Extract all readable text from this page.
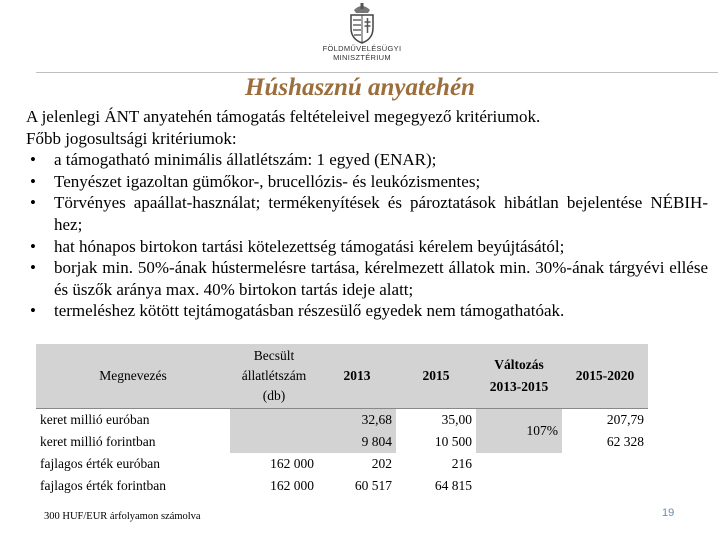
FÖLDMŰVELÉSÜGYI
MINISZTÉRIUM
Húshasznú anyatehén

A jelenlegi ÁNT anyatehén támogatás feltételeivel megegyező kritériumok.

Főbb jogosultsági kritériumok:

• a támogatható minimális állatlétszám: 1 egyed (ENAR);
• Tenyészet igazoltan gümőkor-, brucellózis- és leukózismentes;
• Törvényes apaállat-használat; termékenyítések és pároztatások hibátlan bejelentése NÉBIH-hez;
• hat hónapos birtokon tartási kötelezettség támogatási kérelem beyújtásától;
• borjak min. 50%-ának hústermelésre tartása, kérelmezett állatok min. 30%-ának tárgyévi ellése és üszők aránya max. 40% birtokon tartás ideje alatt;
• termeléshez kötött tejtámogatásban részesülő egyedek nem támogathatóak.
Megnevezés	Becsült állatlétszám (db)	2013	2015	Változás 2013-2015	2015-2020
keret millió euróban		32,68	35,00	107%	207,79
keret millió forintban		9 804	10 500		62 328
fajlagos érték euróban	162 000	202	216		
fajlagos érték forintban	162 000	60 517	64 815		
300 HUF/EUR árfolyamon számolva	19
